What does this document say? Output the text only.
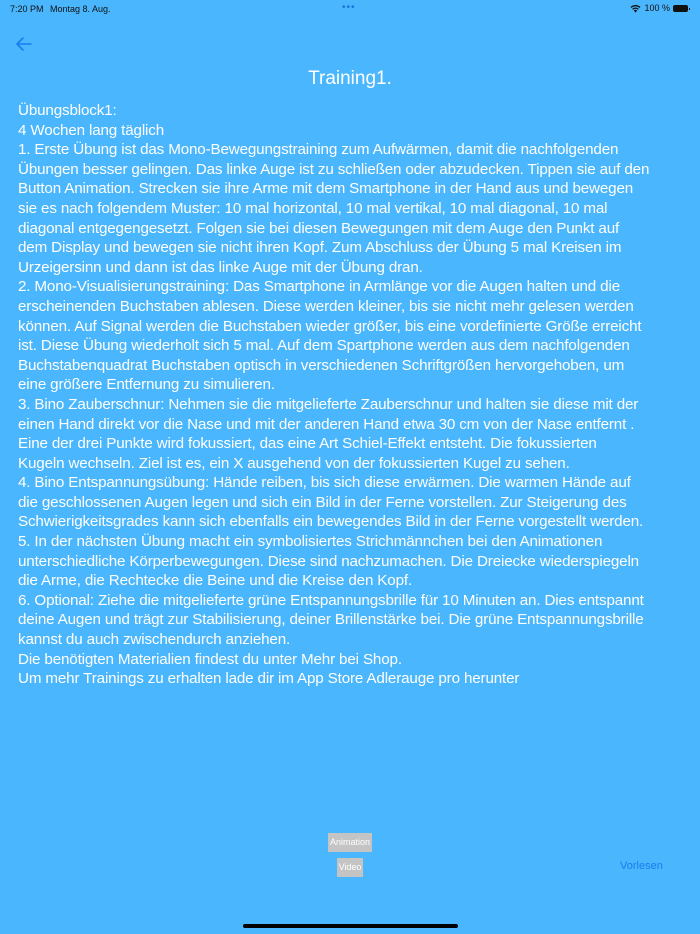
7:20 PM Montag 8. Aug.	•••	100 %
Training1.
Übungsblock1:
4 Wochen lang täglich
1. Erste Übung ist das Mono-Bewegungstraining zum Aufwärmen, damit die nachfolgenden
Übungen besser gelingen. Das linke Auge ist zu schließen oder abzudecken. Tippen sie auf den
Button Animation. Strecken sie ihre Arme mit dem Smartphone in der Hand aus und bewegen
sie es nach folgendem Muster: 10 mal horizontal, 10 mal vertikal, 10 mal diagonal, 10 mal
diagonal entgegengesetzt. Folgen sie bei diesen Bewegungen mit dem Auge den Punkt auf
dem Display und bewegen sie nicht ihren Kopf. Zum Abschluss der Übung 5 mal Kreisen im
Urzeigersinn und dann ist das linke Auge mit der Übung dran.
2. Mono-Visualisierungstraining: Das Smartphone in Armlänge vor die Augen halten und die
erscheinenden Buchstaben ablesen. Diese werden kleiner, bis sie nicht mehr gelesen werden
können. Auf Signal werden die Buchstaben wieder größer, bis eine vordefinierte Größe erreicht
ist. Diese Übung wiederholt sich 5 mal. Auf dem Spartphone werden aus dem nachfolgenden
Buchstabenquadrat Buchstaben optisch in verschiedenen Schriftgrößen hervorgehoben, um
eine größere Entfernung zu simulieren.
3. Bino Zauberschnur: Nehmen sie die mitgelieferte Zauberschnur und halten sie diese mit der
einen Hand direkt vor die Nase und mit der anderen Hand etwa 30 cm von der Nase entfernt .
Eine der drei Punkte wird fokussiert, das eine Art Schiel-Effekt entsteht. Die fokussierten
Kugeln wechseln. Ziel ist es, ein X ausgehend von der fokussierten Kugel zu sehen.
4. Bino Entspannungsübung: Hände reiben, bis sich diese erwärmen. Die warmen Hände auf
die geschlossenen Augen legen und sich ein Bild in der Ferne vorstellen. Zur Steigerung des
Schwierigkeitsgrades kann sich ebenfalls ein bewegendes Bild in der Ferne vorgestellt werden.
5. In der nächsten Übung macht ein symbolisiertes Strichmännchen bei den Animationen
unterschiedliche Körperbewegungen. Diese sind nachzumachen. Die Dreiecke wiederspiegeln
die Arme, die Rechtecke die Beine und die Kreise den Kopf.
6. Optional: Ziehe die mitgelieferte grüne Entspannungsbrille für 10 Minuten an. Dies entspannt
deine Augen und trägt zur Stabilisierung, deiner Brillenstärke bei. Die grüne Entspannungsbrille
kannst du auch zwischendurch anziehen.
Die benötigten Materialien findest du unter Mehr bei Shop.
Um mehr Trainings zu erhalten lade dir im App Store Adlerauge pro herunter
Animation
Video	Vorlesen
